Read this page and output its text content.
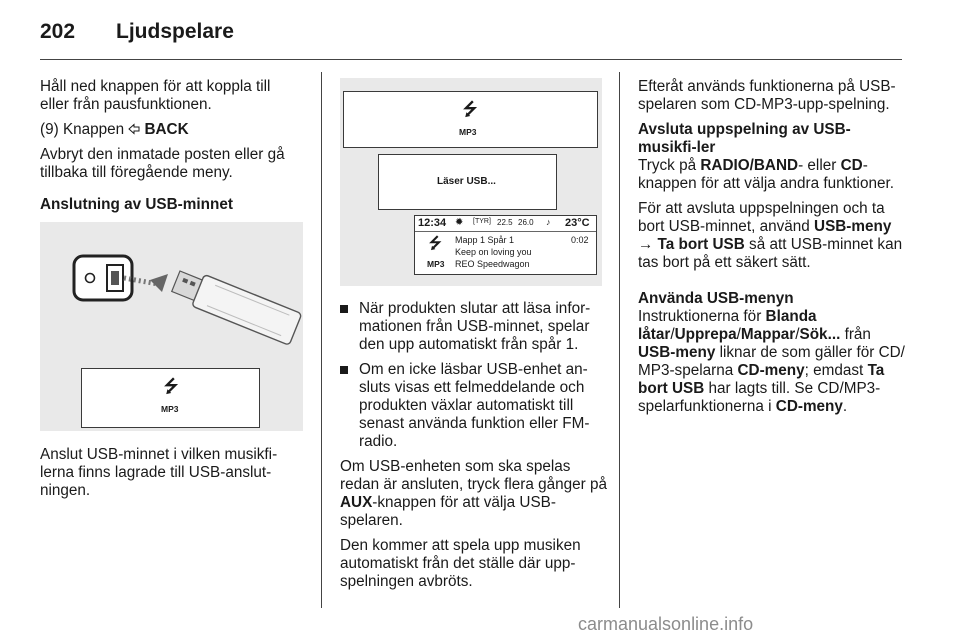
202 Ljudspelare

Håll ned knappen för att koppla till eller från pausfunktionen.

(9) Knappen BACK

Avbryt den inmatade posten eller gå tillbaka till föregående meny.

Anslutning av USB-minnet

⭍
MP3

Anslut USB-minnet i vilken musikfi-lerna finns lagrade till USB-anslut-ningen.

⭍
MP3
Läser USB...
12:34 ✹ [TYR] 22.5 26.0 ♪ 23°C
⭍
MP3
Mapp 1 Spår 1	0:02
Keep on loving you
REO Speedwagon
När produkten slutar att läsa infor-mationen från USB-minnet, spelar den upp automatiskt från spår 1.
Om en icke läsbar USB-enhet an-sluts visas ett felmeddelande och produkten växlar automatiskt till senast använda funktion eller FM-radio.

Om USB-enheten som ska spelas redan är ansluten, tryck flera gånger på AUX-knappen för att välja USB-spelaren.

Den kommer att spela upp musiken automatiskt från det ställe där upp-spelningen avbröts.

Efteråt används funktionerna på USB-spelaren som CD-MP3-upp-spelning.

Avsluta uppspelning av USB-musikfi-ler

Tryck på RADIO/BAND- eller CD-knappen för att välja andra funktioner.

För att avsluta uppspelningen och ta bort USB-minnet, använd USB-meny → Ta bort USB så att USB-minnet kan tas bort på ett säkert sätt.

Använda USB-menyn

Instruktionerna för Blanda låtar/Upprepa/Mappar/Sök... från USB-meny liknar de som gäller för CD/ MP3-spelarna CD-meny; emdast Ta bort USB har lagts till. Se CD/MP3-spelarfunktionerna i CD-meny.

carmanualsonline.info
